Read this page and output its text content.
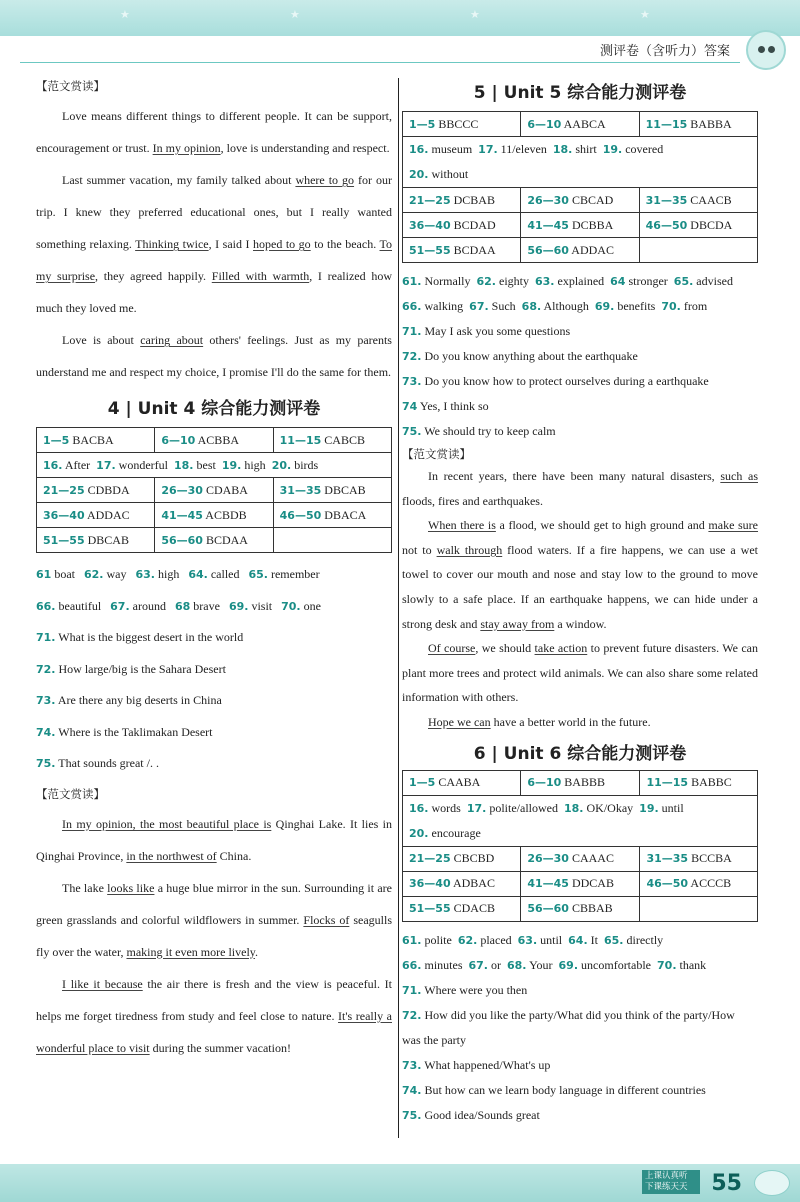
★	★	★	★
测评卷（含听力）答案
【范文赏读】
Love means different things to different people. It can be support, encouragement or trust. In my opinion, love is understanding and respect.
Last summer vacation, my family talked about where to go for our trip. I knew they preferred educational ones, but I really wanted something relaxing. Thinking twice, I said I hoped to go to the beach. To my surprise, they agreed happily. Filled with warmth, I realized how much they loved me.
Love is about caring about others' feelings. Just as my parents understand me and respect my choice, I promise I'll do the same for them.
4 | Unit 4 综合能力测评卷
1—5 BACBA	6—10 ACBBA	11—15 CABCB
16. After 17. wonderful 18. best 19. high 20. birds		
21—25 CDBDA	26—30 CDABA	31—35 DBCAB
36—40 ADDAC	41—45 ACBDB	46—50 DBACA
51—55 DBCAB	56—60 BCDAA	
61 boat 62. way 63. high 64. called 65. remember
66. beautiful 67. around 68 brave 69. visit 70. one
71. What is the biggest desert in the world
72. How large/big is the Sahara Desert
73. Are there any big deserts in China
74. Where is the Taklimakan Desert
75. That sounds great /. .
【范文赏读】
In my opinion, the most beautiful place is Qinghai Lake. It lies in Qinghai Province, in the northwest of China.
The lake looks like a huge blue mirror in the sun. Surrounding it are green grasslands and colorful wildflowers in summer. Flocks of seagulls fly over the water, making it even more lively.
I like it because the air there is fresh and the view is peaceful. It helps me forget tiredness from study and feel close to nature. It's really a wonderful place to visit during the summer vacation!
5 | Unit 5 综合能力测评卷
1—5 BBCCC	6—10 AABCA	11—15 BABBA
16. museum 17. 11/eleven 18. shirt 19. covered
20. without		
21—25 DCBAB	26—30 CBCAD	31—35 CAACB
36—40 BCDAD	41—45 DCBBA	46—50 DBCDA
51—55 BCDAA	56—60 ADDAC	
61. Normally 62. eighty 63. explained 64 stronger 65. advised
66. walking 67. Such 68. Although 69. benefits 70. from
71. May I ask you some questions
72. Do you know anything about the earthquake
73. Do you know how to protect ourselves during a earthquake
74 Yes, I think so
75. We should try to keep calm
【范文赏读】
In recent years, there have been many natural disasters, such as floods, fires and earthquakes.
When there is a flood, we should get to high ground and make sure not to walk through flood waters. If a fire happens, we can use a wet towel to cover our mouth and nose and stay low to the ground to move slowly to a safe place. If an earthquake happens, we can hide under a strong desk and stay away from a window.
Of course, we should take action to prevent future disasters. We can plant more trees and protect wild animals. We can also share some related information with others.
Hope we can have a better world in the future.
6 | Unit 6 综合能力测评卷
1—5 CAABA	6—10 BABBB	11—15 BABBC
16. words 17. polite/allowed 18. OK/Okay 19. until
20. encourage		
21—25 CBCBD	26—30 CAAAC	31—35 BCCBA
36—40 ADBAC	41—45 DDCAB	46—50 ACCCB
51—55 CDACB	56—60 CBBAB	
61. polite 62. placed 63. until 64. It 65. directly
66. minutes 67. or 68. Your 69. uncomfortable 70. thank
71. Where were you then
72. How did you like the party/What did you think of the party/How
was the party
73. What happened/What's up
74. But how can we learn body language in different countries
75. Good idea/Sounds great
上课认真听 下课练天天	55
